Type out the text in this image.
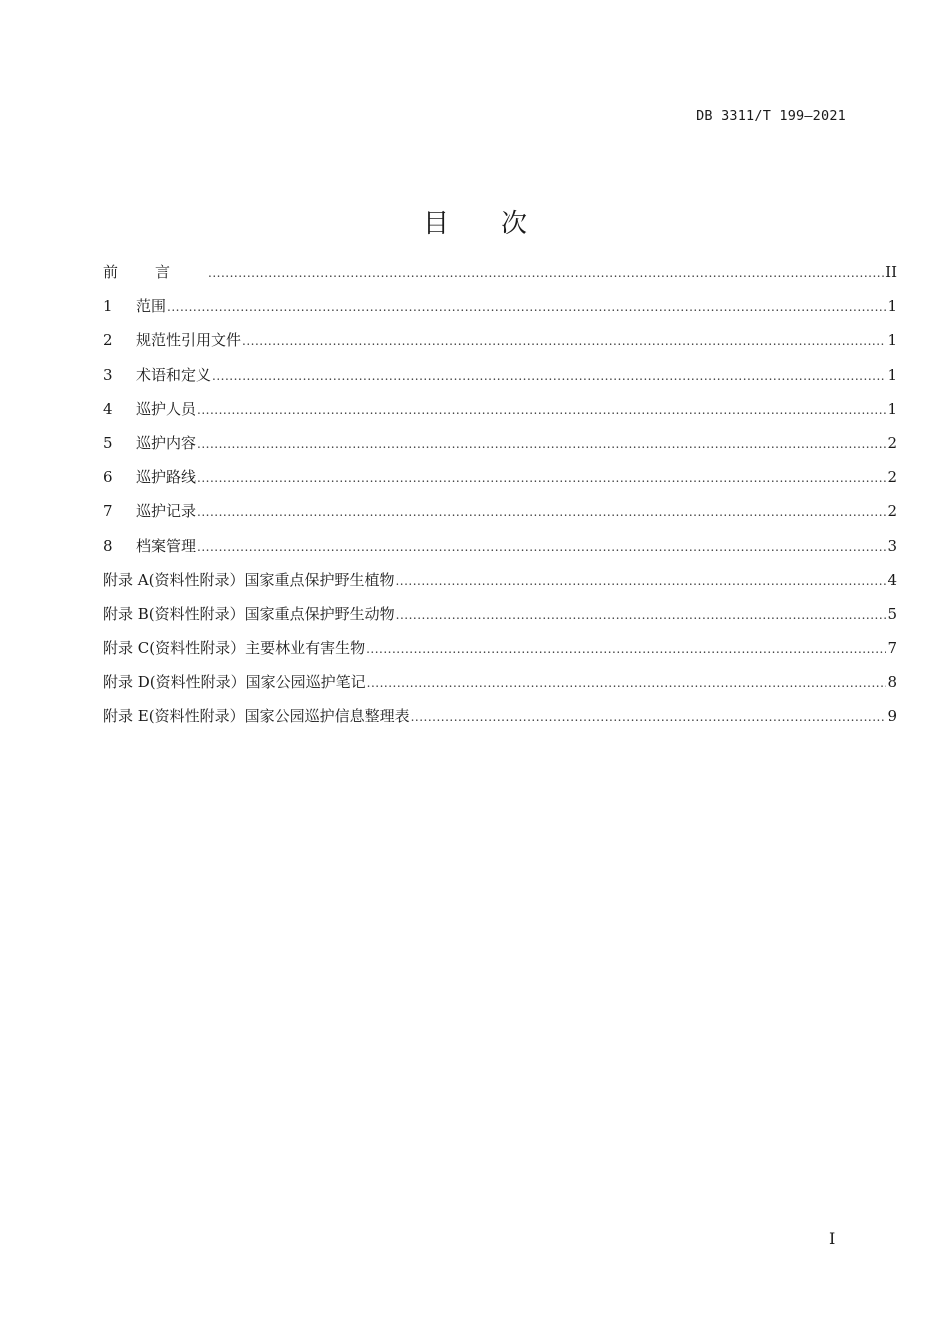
DB 3311/T 199—2021
目 次
前言 .....	II
1	范围 .....	1
2	规范性引用文件 .....	1
3	术语和定义 .....	1
4	巡护人员 .....	1
5	巡护内容 .....	2
6	巡护路线 .....	2
7	巡护记录 .....	2
8	档案管理 .....	3
附录 A(资料性附录）国家重点保护野生植物 .....	4
附录 B(资料性附录）国家重点保护野生动物 .....	5
附录 C(资料性附录）主要林业有害生物 .....	7
附录 D(资料性附录）国家公园巡护笔记 .....	8
附录 E(资料性附录）国家公园巡护信息整理表 .....	9
I
